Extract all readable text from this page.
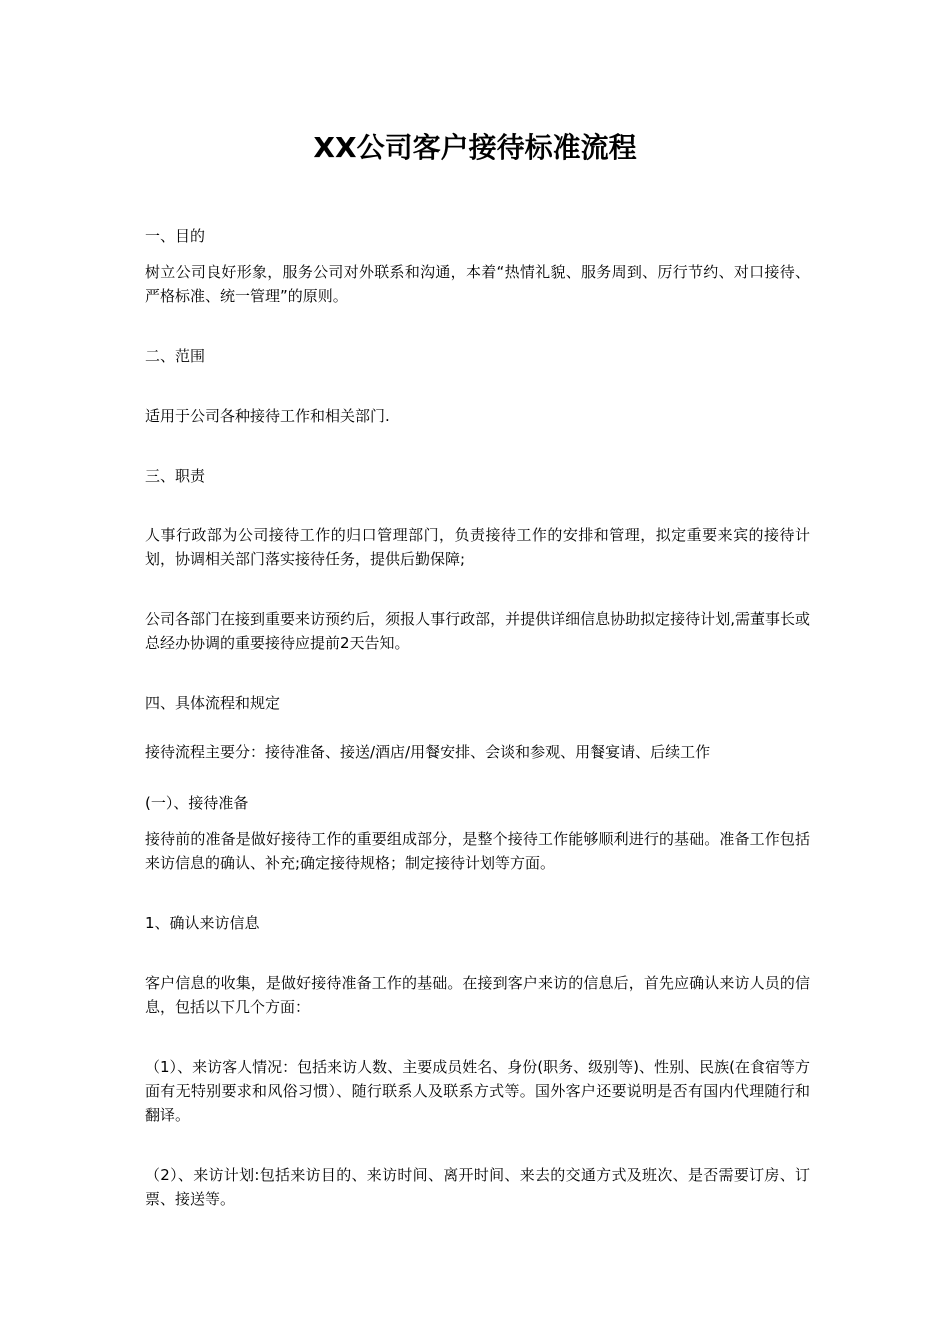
XX公司客户接待标准流程
一、目的
树立公司良好形象，服务公司对外联系和沟通，本着“热情礼貌、服务周到、厉行节约、对口接待、严格标准、统一管理”的原则。
二、范围
适用于公司各种接待工作和相关部门.
三、职责
人事行政部为公司接待工作的归口管理部门，负责接待工作的安排和管理，拟定重要来宾的接待计划，协调相关部门落实接待任务，提供后勤保障;
公司各部门在接到重要来访预约后，须报人事行政部，并提供详细信息协助拟定接待计划,需董事长或总经办协调的重要接待应提前2天告知。
四、具体流程和规定
接待流程主要分：接待准备、接送/酒店/用餐安排、会谈和参观、用餐宴请、后续工作
(一）、接待准备
接待前的准备是做好接待工作的重要组成部分，是整个接待工作能够顺利进行的基础。准备工作包括来访信息的确认、补充;确定接待规格；制定接待计划等方面。
1、确认来访信息
客户信息的收集，是做好接待准备工作的基础。在接到客户来访的信息后，首先应确认来访人员的信息，包括以下几个方面：
（1）、来访客人情况：包括来访人数、主要成员姓名、身份(职务、级别等)、性别、民族(在食宿等方面有无特别要求和风俗习惯）、随行联系人及联系方式等。国外客户还要说明是否有国内代理随行和翻译。
（2）、来访计划:包括来访目的、来访时间、离开时间、来去的交通方式及班次、是否需要订房、订票、接送等。
